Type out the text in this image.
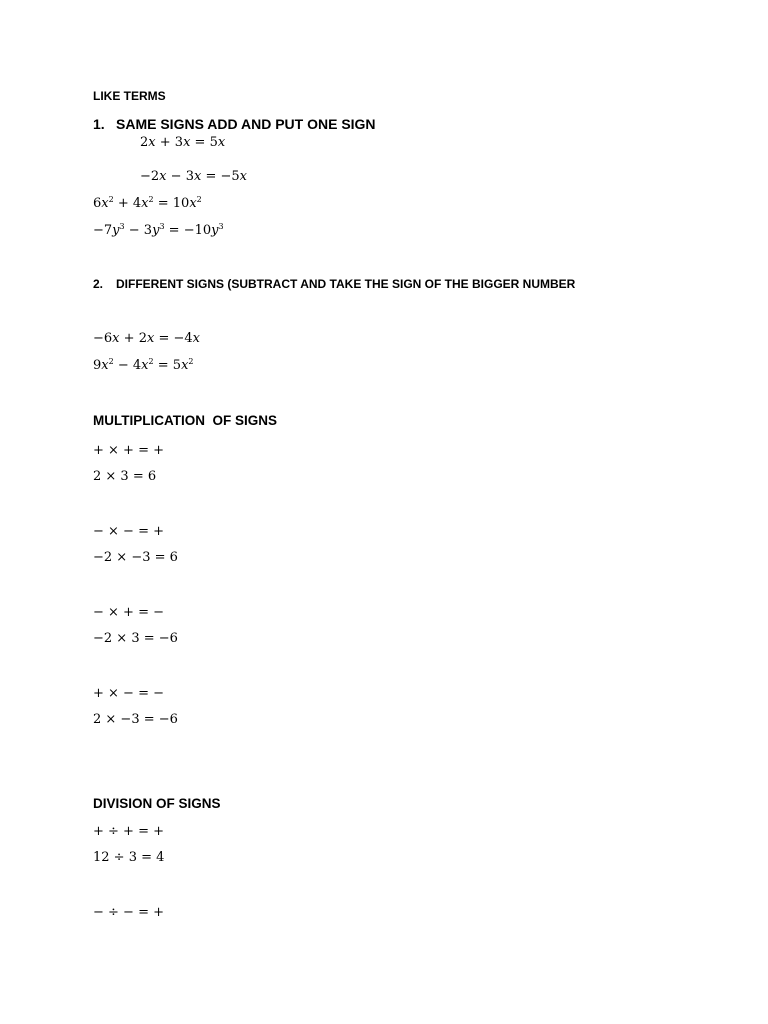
LIKE TERMS
1. SAME SIGNS ADD AND PUT ONE SIGN
2x + 3x = 5x
−2x − 3x = −5x
$6x^2 + 4x^2 = 10x^2$
$-7y^3 - 3y^3 = -10y^3$
2. DIFFERENT SIGNS (SUBTRACT AND TAKE THE SIGN OF THE BIGGER NUMBER
−6x + 2x = −4x
$9x^2 - 4x^2 = 5x^2$
MULTIPLICATION  OF SIGNS
+ × + = +
2 × 3 = 6
− × − = +
−2 × −3 = 6
− × + = −
−2 × 3 = −6
+ × − = −
2 × −3 = −6
DIVISION OF SIGNS
+ ÷ + = +
12 ÷ 3 = 4
− ÷ − = +
